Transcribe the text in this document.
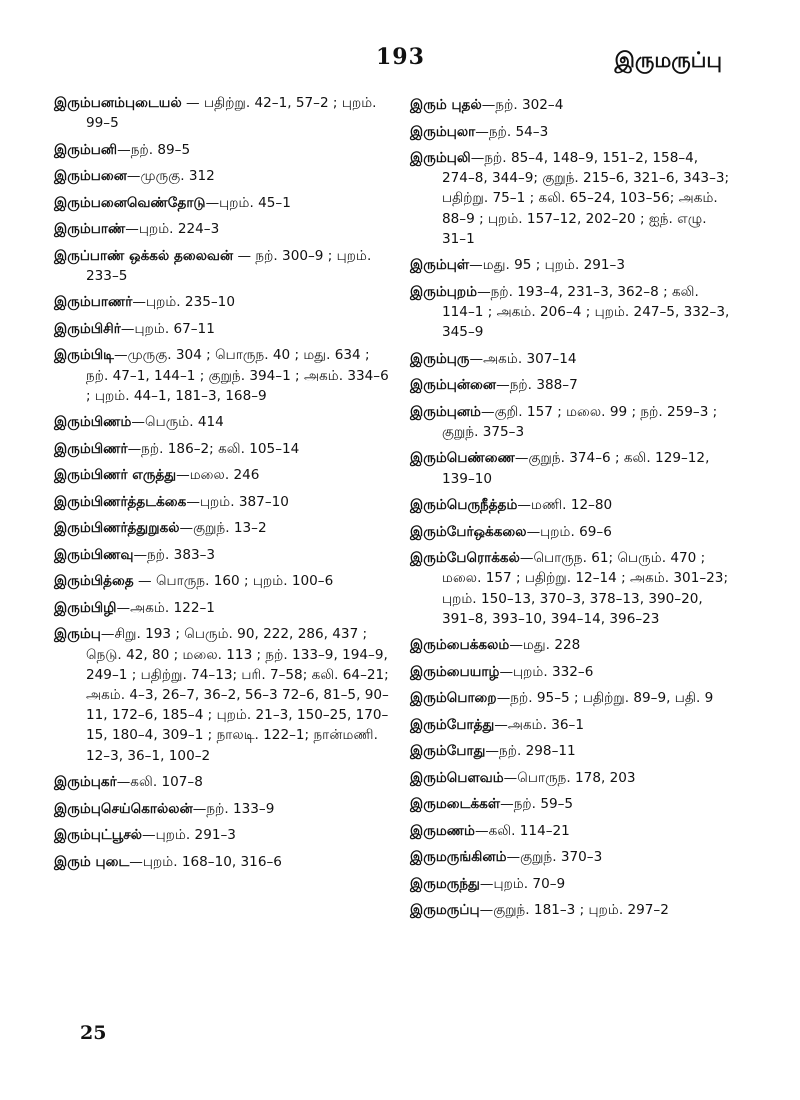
193	இருமருப்பு
இரும்பனம்புடையல் — பதிற்று. 42–1, 57–2 ; புறம். 99–5
இரும்பனி—நற். 89–5
இரும்பனை—முருகு. 312
இரும்பனைவெண்தோடு—புறம். 45–1
இரும்பாண்—புறம். 224–3
இருப்பாண் ஒக்கல் தலைவன் — நற். 300–9 ; புறம். 233–5
இரும்பாணர்—புறம். 235–10
இரும்பிசிர்—புறம். 67–11
இரும்பிடி—முருகு. 304 ; பொருந. 40 ; மது. 634 ; நற். 47–1, 144–1 ; குறுந். 394–1 ; அகம். 334–6 ; புறம். 44–1, 181–3, 168–9
இரும்பிணம்—பெரும். 414
இரும்பிணர்—நற். 186–2; கலி. 105–14
இரும்பிணர் எருத்து—மலை. 246
இரும்பிணர்த்தடக்கை—புறம். 387–10
இரும்பிணர்த்துறுகல்—குறுந். 13–2
இரும்பிணவு—நற். 383–3
இரும்பித்தை — பொருந. 160 ; புறம். 100–6
இரும்பிழி—அகம். 122–1
இரும்பு—சிறு. 193 ; பெரும். 90, 222, 286, 437 ; நெடு. 42, 80 ; மலை. 113 ; நற். 133–9, 194–9, 249–1 ; பதிற்று. 74–13; பரி. 7–58; கலி. 64–21; அகம். 4–3, 26–7, 36–2, 56–3 72–6, 81–5, 90–11, 172–6, 185–4 ; புறம். 21–3, 150–25, 170–15, 180–4, 309–1 ; நாலடி. 122–1; நான்மணி. 12–3, 36–1, 100–2
இரும்புகர்—கலி. 107–8
இரும்புசெய்கொல்லன்—நற். 133–9
இரும்புட்பூசல்—புறம். 291–3
இரும் புடை—புறம். 168–10, 316–6
இரும் புதல்—நற். 302–4
இரும்புலா—நற். 54–3
இரும்புலி—நற். 85–4, 148–9, 151–2, 158–4, 274–8, 344–9; குறுந். 215–6, 321–6, 343–3; பதிற்று. 75–1 ; கலி. 65–24, 103–56; அகம். 88–9 ; புறம். 157–12, 202–20 ; ஐந். எழு. 31–1
இரும்புள்—மது. 95 ; புறம். 291–3
இரும்புறம்—நற். 193–4, 231–3, 362–8 ; கலி. 114–1 ; அகம். 206–4 ; புறம். 247–5, 332–3, 345–9
இரும்புரு—அகம். 307–14
இரும்புன்னை—நற். 388–7
இரும்புனம்—குறி. 157 ; மலை. 99 ; நற். 259–3 ; குறுந். 375–3
இரும்பெண்ணை—குறுந். 374–6 ; கலி. 129–12, 139–10
இரும்பெருநீத்தம்—மணி. 12–80
இரும்பேர்ஒக்கலை—புறம். 69–6
இரும்பேரொக்கல்—பொருந. 61; பெரும். 470 ; மலை. 157 ; பதிற்று. 12–14 ; அகம். 301–23; புறம். 150–13, 370–3, 378–13, 390–20, 391–8, 393–10, 394–14, 396–23
இரும்பைக்கலம்—மது. 228
இரும்பையாழ்—புறம். 332–6
இரும்பொறை—நற். 95–5 ; பதிற்று. 89–9, பதி. 9
இரும்போத்து—அகம். 36–1
இரும்போது—நற். 298–11
இரும்பௌவம்—பொருந. 178, 203
இருமடைக்கள்—நற். 59–5
இருமணம்—கலி. 114–21
இருமருங்கினம்—குறுந். 370–3
இருமருந்து—புறம். 70–9
இருமருப்பு—குறுந். 181–3 ; புறம். 297–2
25
